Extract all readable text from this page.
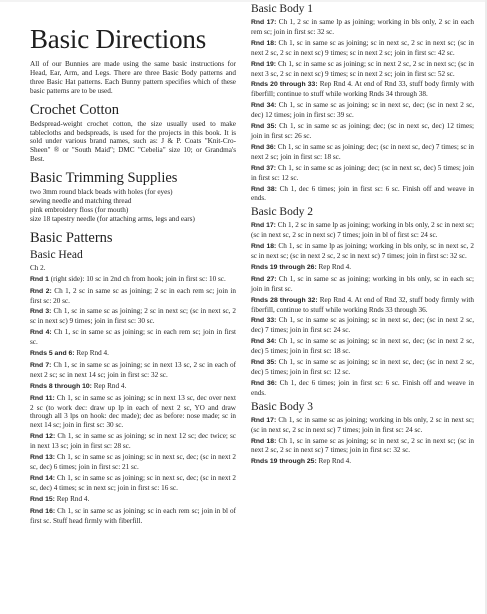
Basic Directions

All of our Bunnies are made using the same basic instructions for Head, Ear, Arm, and Legs. There are three Basic Body patterns and three Basic Hat patterns. Each Bunny pattern specifies which of these basic patterns are to be used.

Crochet Cotton

Bedspread-weight crochet cotton, the size usually used to make tablecloths and bedspreads, is used for the projects in this book. It is sold under various brand names, such as: J & P. Coats "Knit-Cro-Sheen" ® or "South Maid"; DMC "Cebelia" size 10; or Grandma's Best.

Basic Trimming Supplies

two 3mm round black beads with holes (for eyes)

sewing needle and matching thread

pink embroidery floss (for mouth)

size 18 tapestry needle (for attaching arms, legs and ears)

Basic Patterns
Basic Head

Ch 2.

Rnd 1 (right side): 10 sc in 2nd ch from hook; join in first sc: 10 sc.

Rnd 2: Ch 1, 2 sc in same sc as joining; 2 sc in each rem sc; join in first sc: 20 sc.

Rnd 3: Ch 1, sc in same sc as joining; 2 sc in next sc; (sc in next sc, 2 sc in next sc) 9 times; join in first sc: 30 sc.

Rnd 4: Ch 1, sc in same sc as joining; sc in each rem sc; join in first sc.

Rnds 5 and 6: Rep Rnd 4.

Rnd 7: Ch 1, sc in same sc as joining; sc in next 13 sc, 2 sc in each of next 2 sc; sc in next 14 sc; join in first sc: 32 sc.

Rnds 8 through 10: Rep Rnd 4.

Rnd 11: Ch 1, sc in same sc as joining; sc in next 13 sc, dec over next 2 sc (to work dec: draw up lp in each of next 2 sc, YO and draw through all 3 lps on hook: dec made); dec as before: nose made; sc in next 14 sc; join in first sc: 30 sc.

Rnd 12: Ch 1, sc in same sc as joining; sc in next 12 sc; dec twice; sc in next 13 sc; join in first sc: 28 sc.

Rnd 13: Ch 1, sc in same sc as joining; sc in next sc, dec; (sc in next 2 sc, dec) 6 times; join in first sc: 21 sc.

Rnd 14: Ch 1, sc in same sc as joining; sc in next sc, dec; (sc in next 2 sc, dec) 4 times; sc in next sc; join in first sc: 16 sc.

Rnd 15: Rep Rnd 4.

Rnd 16: Ch 1, sc in same sc as joining; sc in each rem sc; join in bl of first sc. Stuff head firmly with fiberfill.

Basic Body 1

Rnd 17: Ch 1, 2 sc in same lp as joining; working in bls only, 2 sc in each rem sc; join in first sc: 32 sc.

Rnd 18: Ch 1, sc in same sc as joining; sc in next sc, 2 sc in next sc; (sc in next 2 sc, 2 sc in next sc) 9 times; sc in next 2 sc; join in first sc: 42 sc.

Rnd 19: Ch 1, sc in same sc as joining; sc in next 2 sc, 2 sc in next sc; (sc in next 3 sc, 2 sc in next sc) 9 times; sc in next 2 sc; join in first sc: 52 sc.

Rnds 20 through 33: Rep Rnd 4. At end of Rnd 33, stuff body firmly with fiberfill; continue to stuff while working Rnds 34 through 38.

Rnd 34: Ch 1, sc in same sc as joining; sc in next sc, dec; (sc in next 2 sc, dec) 12 times; join in first sc: 39 sc.

Rnd 35: Ch 1, sc in same sc as joining; dec; (sc in next sc, dec) 12 times; join in first sc: 26 sc.

Rnd 36: Ch 1, sc in same sc as joining; dec; (sc in next sc, dec) 7 times; sc in next 2 sc; join in first sc: 18 sc.

Rnd 37: Ch 1, sc in same sc as joining; dec; (sc in next sc, dec) 5 times; join in first sc: 12 sc.

Rnd 38: Ch 1, dec 6 times; join in first sc: 6 sc. Finish off and weave in ends.

Basic Body 2

Rnd 17: Ch 1, 2 sc in same lp as joining; working in bls only, 2 sc in next sc; (sc in next sc, 2 sc in next sc) 7 times; join in bl of first sc: 24 sc.

Rnd 18: Ch 1, sc in same lp as joining; working in bls only, sc in next sc, 2 sc in next sc; (sc in next 2 sc, 2 sc in next sc) 7 times; join in first sc: 32 sc.

Rnds 19 through 26: Rep Rnd 4.

Rnd 27: Ch 1, sc in same sc as joining; working in bls only, sc in each sc; join in first sc.

Rnds 28 through 32: Rep Rnd 4. At end of Rnd 32, stuff body firmly with fiberfill, continue to stuff while working Rnds 33 through 36.

Rnd 33: Ch 1, sc in same sc as joining; sc in next sc, dec; (sc in next 2 sc, dec) 7 times; join in first sc: 24 sc.

Rnd 34: Ch 1, sc in same sc as joining; sc in next sc, dec; (sc in next 2 sc, dec) 5 times; join in first sc: 18 sc.

Rnd 35: Ch 1, sc in same sc as joining; sc in next sc, dec; (sc in next 2 sc, dec) 5 times; join in first sc: 12 sc.

Rnd 36: Ch 1, dec 6 times; join in first sc: 6 sc. Finish off and weave in ends.

Basic Body 3

Rnd 17: Ch 1, sc in same sc as joining; working in bls only, 2 sc in next sc; (sc in next sc, 2 sc in next sc) 7 times; join in first sc: 24 sc.

Rnd 18: Ch 1, sc in same sc as joining; sc in next sc, 2 sc in next sc; (sc in next 2 sc, 2 sc in next sc) 7 times; join in first sc: 32 sc.

Rnds 19 through 25: Rep Rnd 4.
